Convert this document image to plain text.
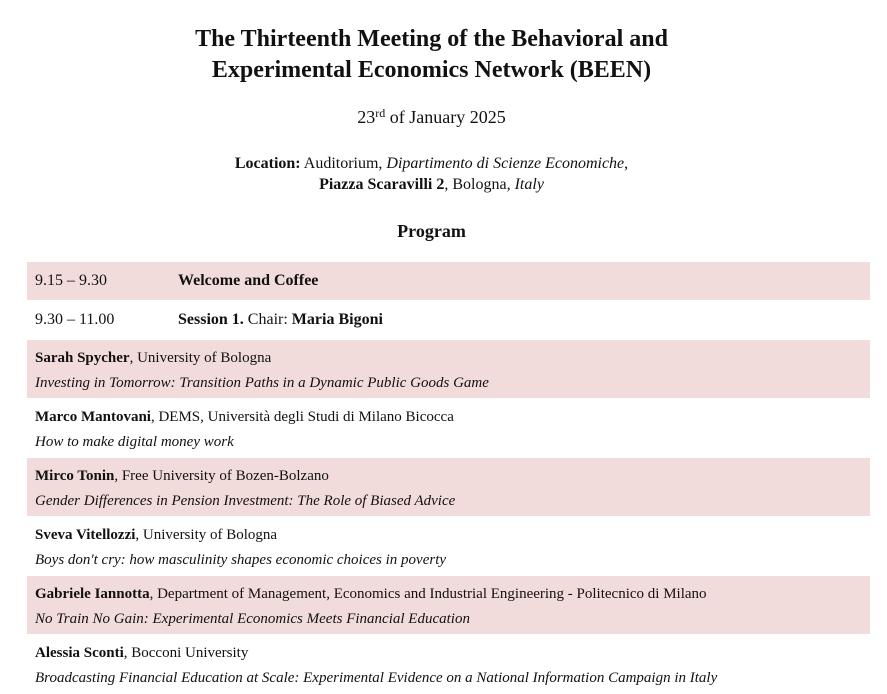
The Thirteenth Meeting of the Behavioral and
Experimental Economics Network (BEEN)
23rd of January 2025
Location: Auditorium, Dipartimento di Scienze Economiche,
Piazza Scaravilli 2, Bologna, Italy
Program
9.15 – 9.30	Welcome and Coffee
9.30 – 11.00	Session 1. Chair: Maria Bigoni
Sarah Spycher, University of Bologna
Investing in Tomorrow: Transition Paths in a Dynamic Public Goods Game
Marco Mantovani, DEMS, Università degli Studi di Milano Bicocca
How to make digital money work
Mirco Tonin, Free University of Bozen-Bolzano
Gender Differences in Pension Investment: The Role of Biased Advice
Sveva Vitellozzi, University of Bologna
Boys don't cry: how masculinity shapes economic choices in poverty
Gabriele Iannotta, Department of Management, Economics and Industrial Engineering - Politecnico di Milano
No Train No Gain: Experimental Economics Meets Financial Education
Alessia Sconti, Bocconi University
Broadcasting Financial Education at Scale: Experimental Evidence on a National Information Campaign in Italy
